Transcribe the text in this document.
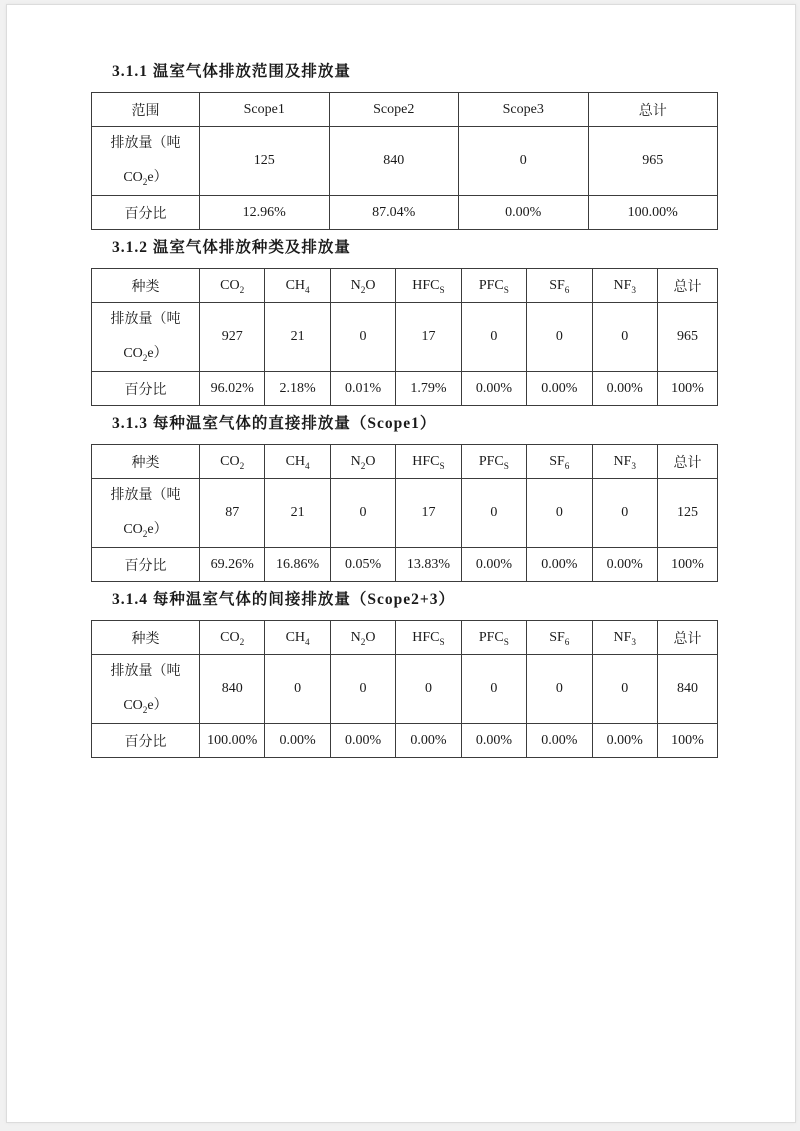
3.1.1 温室气体排放范围及排放量
范围	Scope1	Scope2	Scope3	总计
排放量（吨$CO_2e$）	125	840	0	965
百分比	12.96%	87.04%	0.00%	100.00%
3.1.2 温室气体排放种类及排放量
种类	$CO_2$	$CH_4$	$N_2O$	$HFC_S$	$PFC_S$	$SF_6$	$NF_3$	总计
排放量（吨$CO_2e$）	927	21	0	17	0	0	0	965
百分比	96.02%	2.18%	0.01%	1.79%	0.00%	0.00%	0.00%	100%
3.1.3 每种温室气体的直接排放量（Scope1）
种类	$CO_2$	$CH_4$	$N_2O$	$HFC_S$	$PFC_S$	$SF_6$	$NF_3$	总计
排放量（吨$CO_2e$）	87	21	0	17	0	0	0	125
百分比	69.26%	16.86%	0.05%	13.83%	0.00%	0.00%	0.00%	100%
3.1.4 每种温室气体的间接排放量（Scope2+3）
种类	$CO_2$	$CH_4$	$N_2O$	$HFC_S$	$PFC_S$	$SF_6$	$NF_3$	总计
排放量（吨$CO_2e$）	840	0	0	0	0	0	0	840
百分比	100.00%	0.00%	0.00%	0.00%	0.00%	0.00%	0.00%	100%
